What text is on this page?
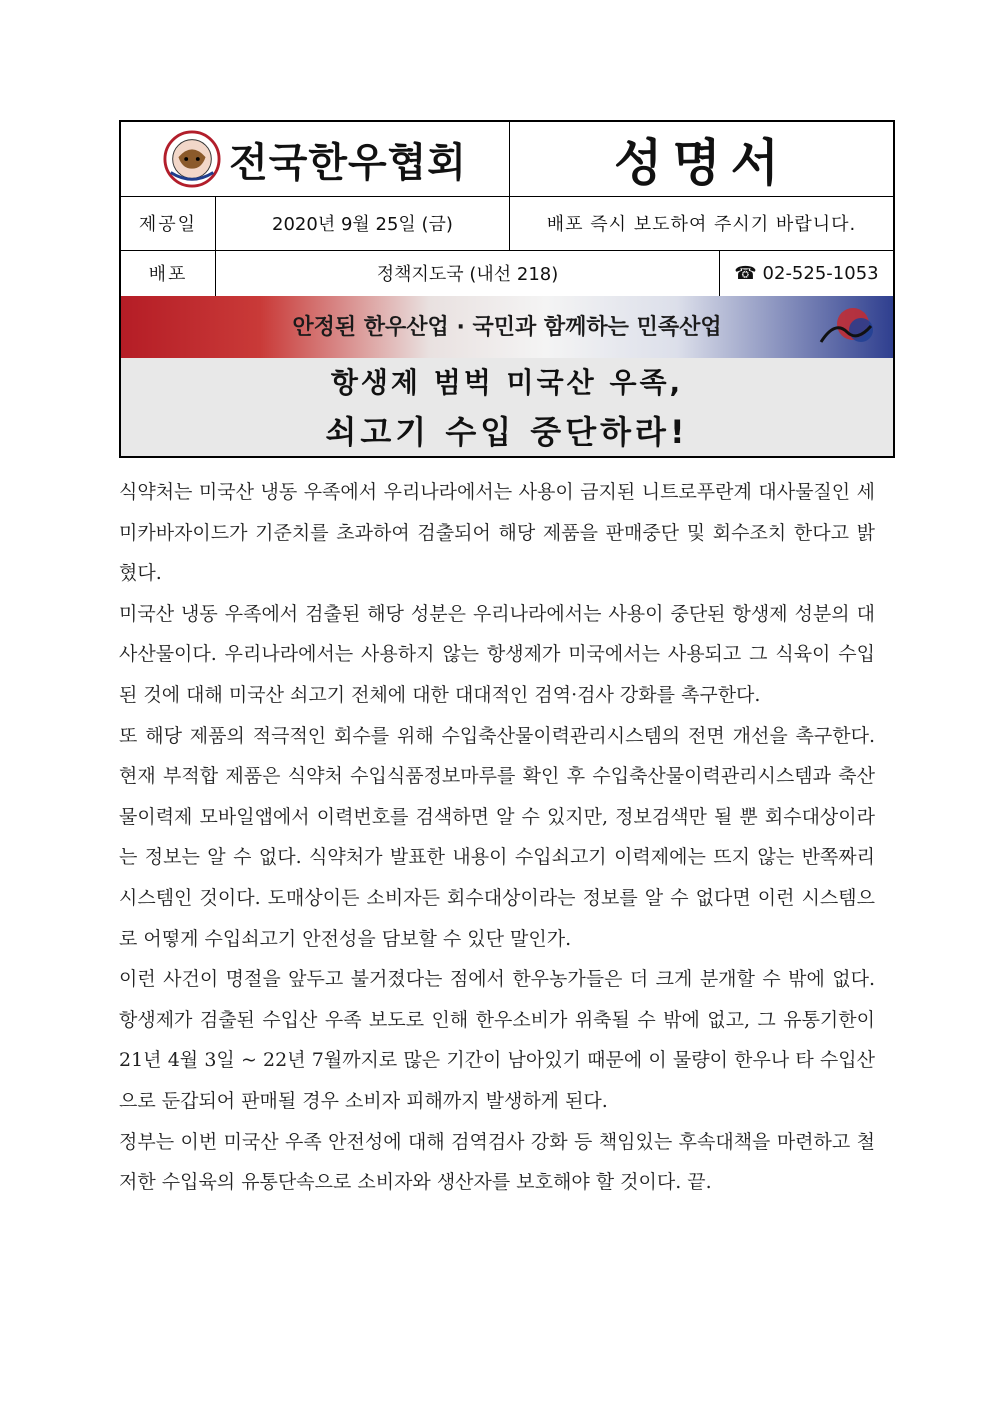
전국한우협회	성명서
제공일	2020년 9월 25일 (금)	배포 즉시 보도하여 주시기 바랍니다.
배포	정책지도국 (내선 218)	☎ 02-525-1053
안정된 한우산업 · 국민과 함께하는 민족산업
항생제 범벅 미국산 우족,
쇠고기 수입 중단하라!

식약처는 미국산 냉동 우족에서 우리나라에서는 사용이 금지된 니트로푸란계 대사물질인 세미카바자이드가 기준치를 초과하여 검출되어 해당 제품을 판매중단 및 회수조치 한다고 밝혔다.

미국산 냉동 우족에서 검출된 해당 성분은 우리나라에서는 사용이 중단된 항생제 성분의 대사산물이다. 우리나라에서는 사용하지 않는 항생제가 미국에서는 사용되고 그 식육이 수입된 것에 대해 미국산 쇠고기 전체에 대한 대대적인 검역·검사 강화를 촉구한다.

또 해당 제품의 적극적인 회수를 위해 수입축산물이력관리시스템의 전면 개선을 촉구한다. 현재 부적합 제품은 식약처 수입식품정보마루를 확인 후 수입축산물이력관리시스템과 축산물이력제 모바일앱에서 이력번호를 검색하면 알 수 있지만, 정보검색만 될 뿐 회수대상이라는 정보는 알 수 없다. 식약처가 발표한 내용이 수입쇠고기 이력제에는 뜨지 않는 반쪽짜리 시스템인 것이다. 도매상이든 소비자든 회수대상이라는 정보를 알 수 없다면 이런 시스템으로 어떻게 수입쇠고기 안전성을 담보할 수 있단 말인가.

이런 사건이 명절을 앞두고 불거졌다는 점에서 한우농가들은 더 크게 분개할 수 밖에 없다. 항생제가 검출된 수입산 우족 보도로 인해 한우소비가 위축될 수 밖에 없고, 그 유통기한이 21년 4월 3일 ~ 22년 7월까지로 많은 기간이 남아있기 때문에 이 물량이 한우나 타 수입산으로 둔갑되어 판매될 경우 소비자 피해까지 발생하게 된다.

정부는 이번 미국산 우족 안전성에 대해 검역검사 강화 등 책임있는 후속대책을 마련하고 철저한 수입육의 유통단속으로 소비자와 생산자를 보호해야 할 것이다. 끝.
